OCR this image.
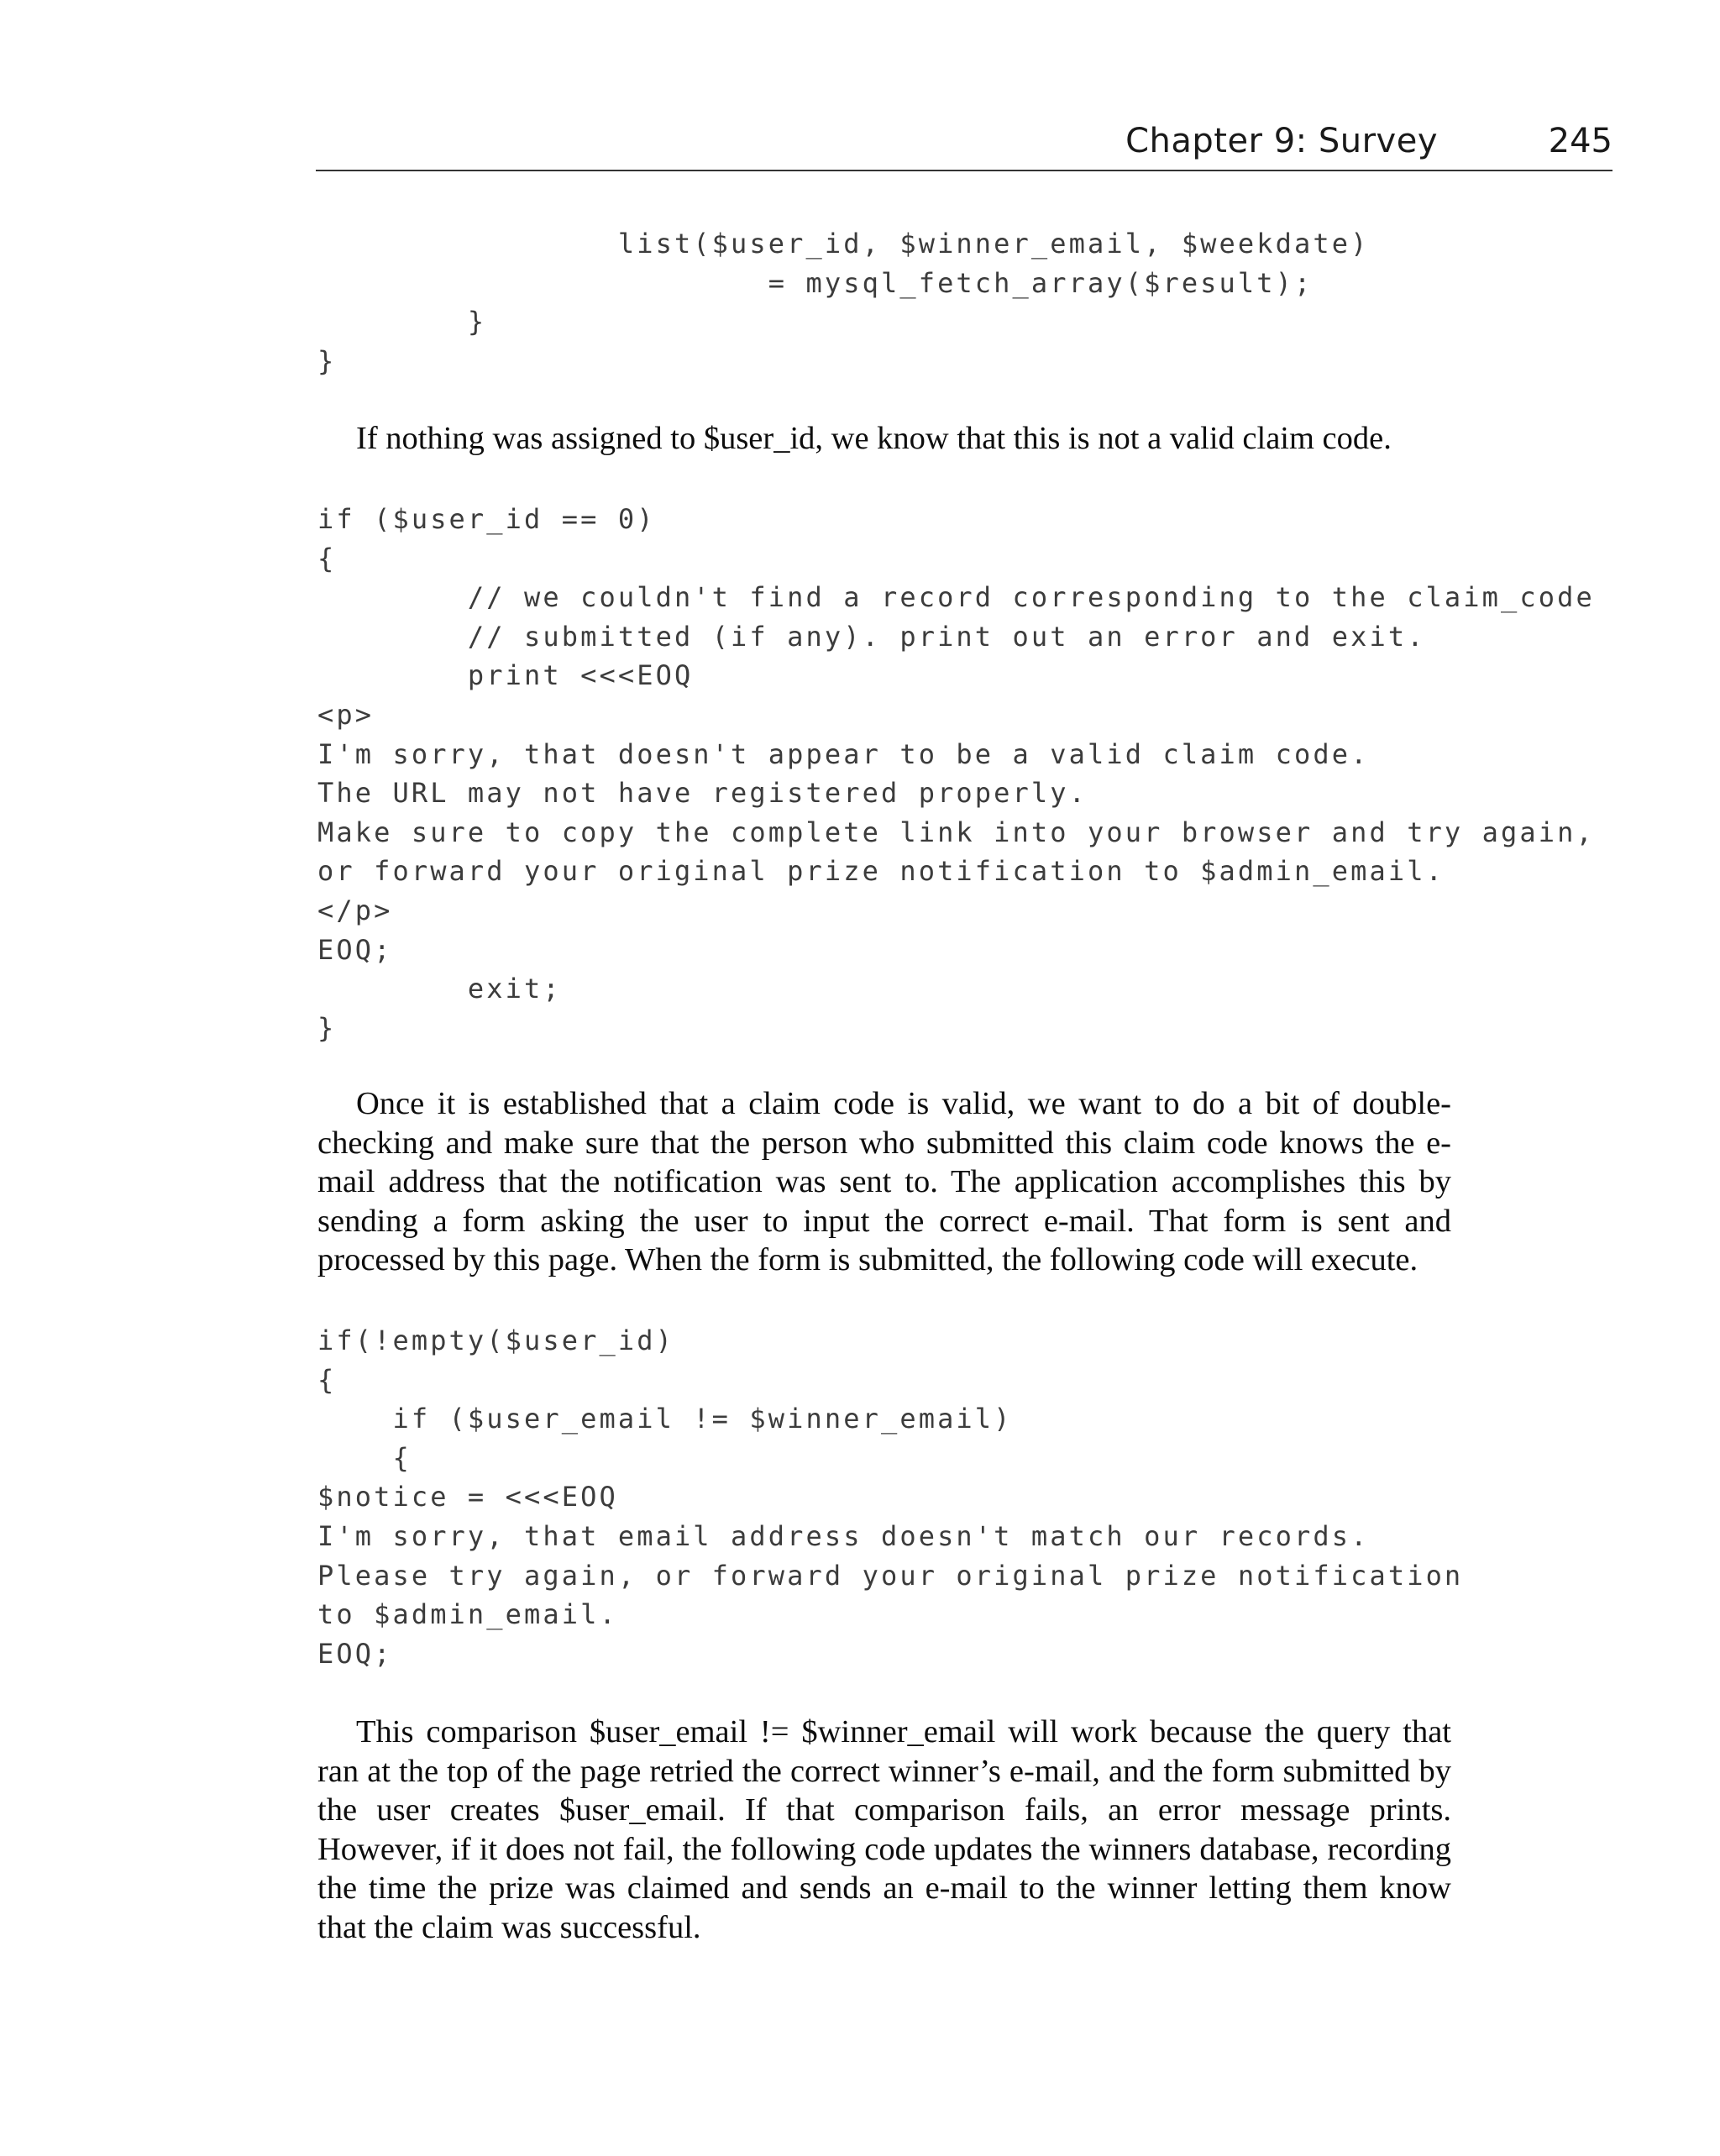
Chapter 9: Survey	245
list($user_id, $winner_email, $weekdate)
= mysql_fetch_array($result);
}
}

If nothing was assigned to $user_id, we know that this is not a valid claim code.

if ($user_id == 0)
{
// we couldn't find a record corresponding to the claim_code
// submitted (if any). print out an error and exit.
print <<<EOQ
<p>
I'm sorry, that doesn't appear to be a valid claim code.
The URL may not have registered properly.
Make sure to copy the complete link into your browser and try again,
or forward your original prize notification to $admin_email.
</p>
EOQ;
exit;
}

Once it is established that a claim code is valid, we want to do a bit of double-checking and make sure that the person who submitted this claim code knows the e-mail address that the notification was sent to. The application accomplishes this by sending a form asking the user to input the correct e-mail. That form is sent and processed by this page. When the form is submitted, the following code will execute.

if(!empty($user_id)
{
if ($user_email != $winner_email)
{
$notice = <<<EOQ
I'm sorry, that email address doesn't match our records.
Please try again, or forward your original prize notification
to $admin_email.
EOQ;

This comparison $user_email != $winner_email will work because the query that ran at the top of the page retried the correct winner’s e-mail, and the form submitted by the user creates $user_email. If that comparison fails, an error message prints. However, if it does not fail, the following code updates the winners database, recording the time the prize was claimed and sends an e-mail to the winner letting them know that the claim was successful.
